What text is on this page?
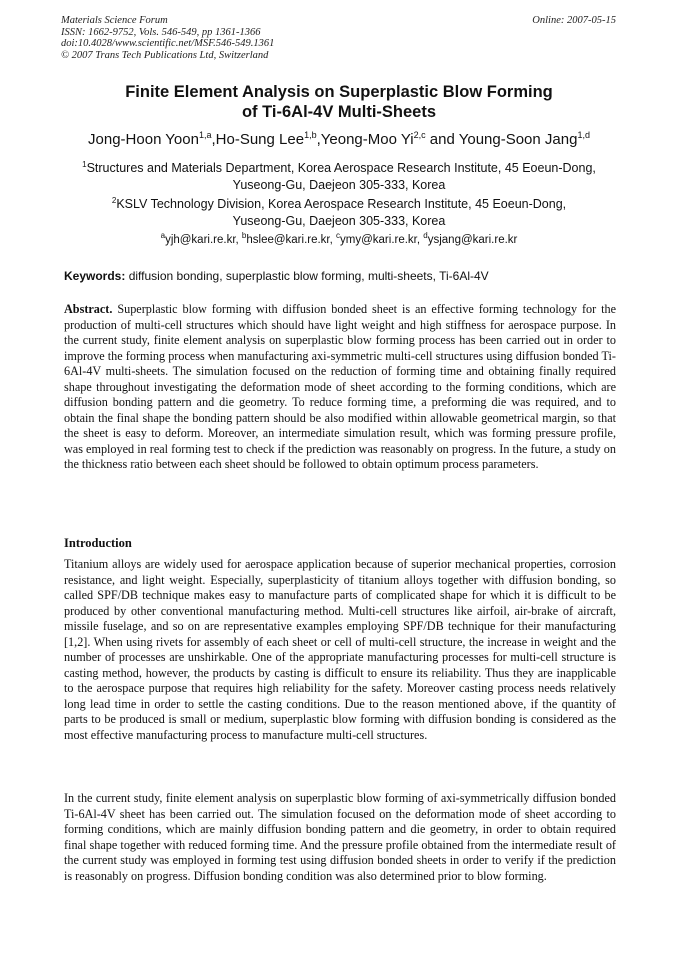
Materials Science Forum
ISSN: 1662-9752, Vols. 546-549, pp 1361-1366
doi:10.4028/www.scientific.net/MSF.546-549.1361
© 2007 Trans Tech Publications Ltd, Switzerland
Online: 2007-05-15
Finite Element Analysis on Superplastic Blow Forming
of Ti-6Al-4V Multi-Sheets
Jong-Hoon Yoon$^{1,a}$,Ho-Sung Lee$^{1,b}$,Yeong-Moo Yi$^{2,c}$ and Young-Soon Jang$^{1,d}$
$^1$Structures and Materials Department, Korea Aerospace Research Institute, 45 Eoeun-Dong,
Yuseong-Gu, Daejeon 305-333, Korea
$^2$KSLV Technology Division, Korea Aerospace Research Institute, 45 Eoeun-Dong,
Yuseong-Gu, Daejeon 305-333, Korea
$^a$yjh@kari.re.kr, $^b$hslee@kari.re.kr, $^c$ymy@kari.re.kr, $^d$ysjang@kari.re.kr
Keywords: diffusion bonding, superplastic blow forming, multi-sheets, Ti-6Al-4V
Abstract. Superplastic blow forming with diffusion bonded sheet is an effective forming technology for the production of multi-cell structures which should have light weight and high stiffness for aerospace purpose. In the current study, finite element analysis on superplastic blow forming process has been carried out in order to improve the forming process when manufacturing axi-symmetric multi-cell structures using diffusion bonded Ti-6Al-4V multi-sheets. The simulation focused on the reduction of forming time and obtaining finally required shape throughout investigating the deformation mode of sheet according to the forming conditions, which are diffusion bonding pattern and die geometry. To reduce forming time, a preforming die was required, and to obtain the final shape the bonding pattern should be also modified within allowable geometrical margin, so that the sheet is easy to deform. Moreover, an intermediate simulation result, which was forming pressure profile, was employed in real forming test to check if the prediction was reasonably on progress. In the future, a study on the thickness ratio between each sheet should be followed to obtain optimum process parameters.
Introduction
Titanium alloys are widely used for aerospace application because of superior mechanical properties, corrosion resistance, and light weight. Especially, superplasticity of titanium alloys together with diffusion bonding, so called SPF/DB technique makes easy to manufacture parts of complicated shape for which it is difficult to be produced by other conventional manufacturing method. Multi-cell structures like airfoil, air-brake of aircraft, missile fuselage, and so on are representative examples employing SPF/DB technique for their manufacturing [1,2]. When using rivets for assembly of each sheet or cell of multi-cell structure, the increase in weight and the number of processes are unshirkable. One of the appropriate manufacturing processes for multi-cell structure is casting method, however, the products by casting is difficult to ensure its reliability. Thus they are inapplicable to the aerospace purpose that requires high reliability for the safety. Moreover casting process needs relatively long lead time in order to settle the casting conditions. Due to the reason mentioned above, if the quantity of parts to be produced is small or medium, superplastic blow forming with diffusion bonding is considered as the most effective manufacturing process to manufacture multi-cell structures.
In the current study, finite element analysis on superplastic blow forming of axi-symmetrically diffusion bonded Ti-6Al-4V sheet has been carried out. The simulation focused on the deformation mode of sheet according to forming conditions, which are mainly diffusion bonding pattern and die geometry, in order to obtain required final shape together with reduced forming time. And the pressure profile obtained from the intermediate result of the current study was employed in forming test using diffusion bonded sheets in order to verify if the prediction is reasonably on progress. Diffusion bonding condition was also determined prior to blow forming.
